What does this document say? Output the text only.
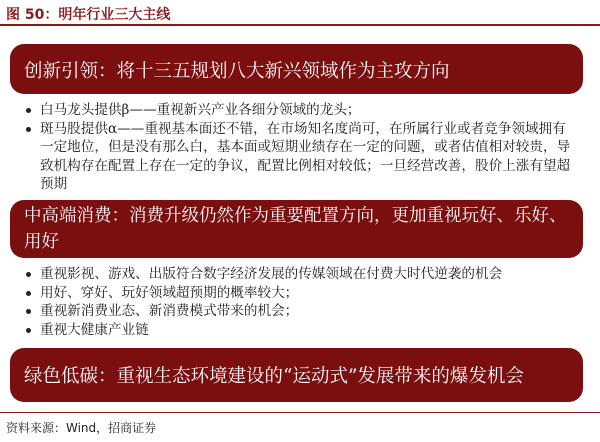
图 50：明年行业三大主线
创新引领：将十三五规划八大新兴领域作为主攻方向
白马龙头提供β——重视新兴产业各细分领域的龙头；
斑马股提供α——重视基本面还不错，在市场知名度尚可，在所属行业或者竞争领域拥有一定地位，但是没有那么白，基本面或短期业绩存在一定的问题，或者估值相对较贵，导致机构存在配置上存在一定的争议，配置比例相对较低；一旦经营改善，股价上涨有望超预期
中高端消费：消费升级仍然作为重要配置方向，更加重视玩好、乐好、用好
重视影视、游戏、出版符合数字经济发展的传媒领域在付费大时代逆袭的机会
用好、穿好、玩好领域超预期的概率较大；
重视新消费业态、新消费模式带来的机会；
重视大健康产业链
绿色低碳：重视生态环境建设的“运动式”发展带来的爆发机会
资料来源：Wind，招商证券
